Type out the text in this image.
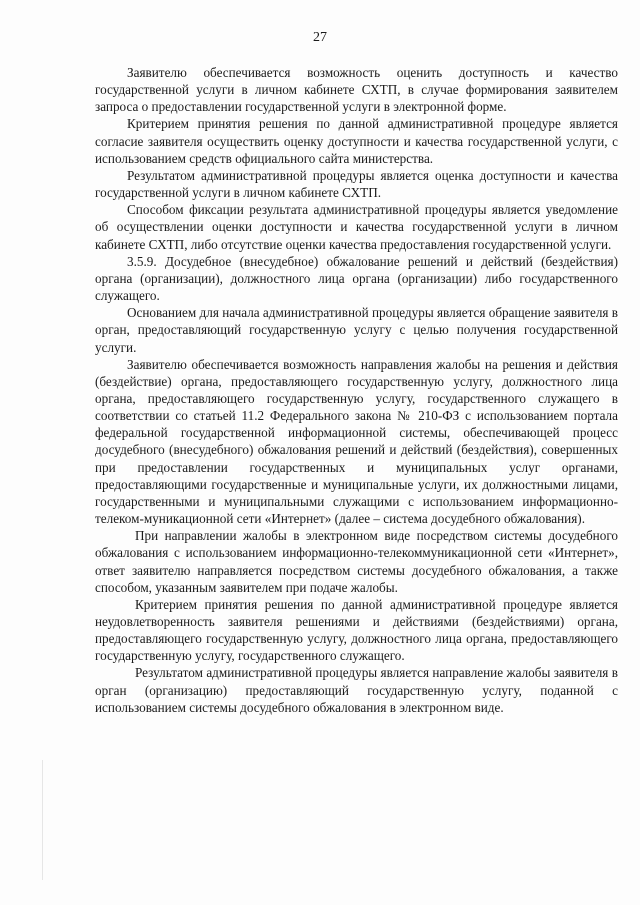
27

Заявителю обеспечивается возможность оценить доступность и качество государственной услуги в личном кабинете СХТП, в случае формирования заявителем запроса о предоставлении государственной услуги в электронной форме.

Критерием принятия решения по данной административной процедуре является согласие заявителя осуществить оценку доступности и качества государственной услуги, с использованием средств официального сайта министерства.

Результатом административной процедуры является оценка доступности и качества государственной услуги в личном кабинете СХТП.

Способом фиксации результата административной процедуры является уведомление об осуществлении оценки доступности и качества государственной услуги в личном кабинете СХТП, либо отсутствие оценки качества предоставления государственной услуги.

3.5.9. Досудебное (внесудебное) обжалование решений и действий (бездействия) органа (организации), должностного лица органа (организации) либо государственного служащего.

Основанием для начала административной процедуры является обращение заявителя в орган, предоставляющий государственную услугу с целью получения государственной услуги.

Заявителю обеспечивается возможность направления жалобы на решения и действия (бездействие) органа, предоставляющего государственную услугу, должностного лица органа, предоставляющего государственную услугу, государственного служащего в соответствии со статьей 11.2 Федерального закона № 210-ФЗ с использованием портала федеральной государственной информационной системы, обеспечивающей процесс досудебного (внесудебного) обжалования решений и действий (бездействия), совершенных при предоставлении государственных и муниципальных услуг органами, предоставляющими государственные и муниципальные услуги, их должностными лицами, государственными и муниципальными служащими с использованием информационно-телеком-муникационной сети «Интернет» (далее – система досудебного обжалования).

При направлении жалобы в электронном виде посредством системы досудебного обжалования с использованием информационно-телекоммуникационной сети «Интернет», ответ заявителю направляется посредством системы досудебного обжалования, а также способом, указанным заявителем при подаче жалобы.

Критерием принятия решения по данной административной процедуре является неудовлетворенность заявителя решениями и действиями (бездействиями) органа, предоставляющего государственную услугу, должностного лица органа, предоставляющего государственную услугу, государственного служащего.

Результатом административной процедуры является направление жалобы заявителя в орган (организацию) предоставляющий государственную услугу, поданной с использованием системы досудебного обжалования в электронном виде.
